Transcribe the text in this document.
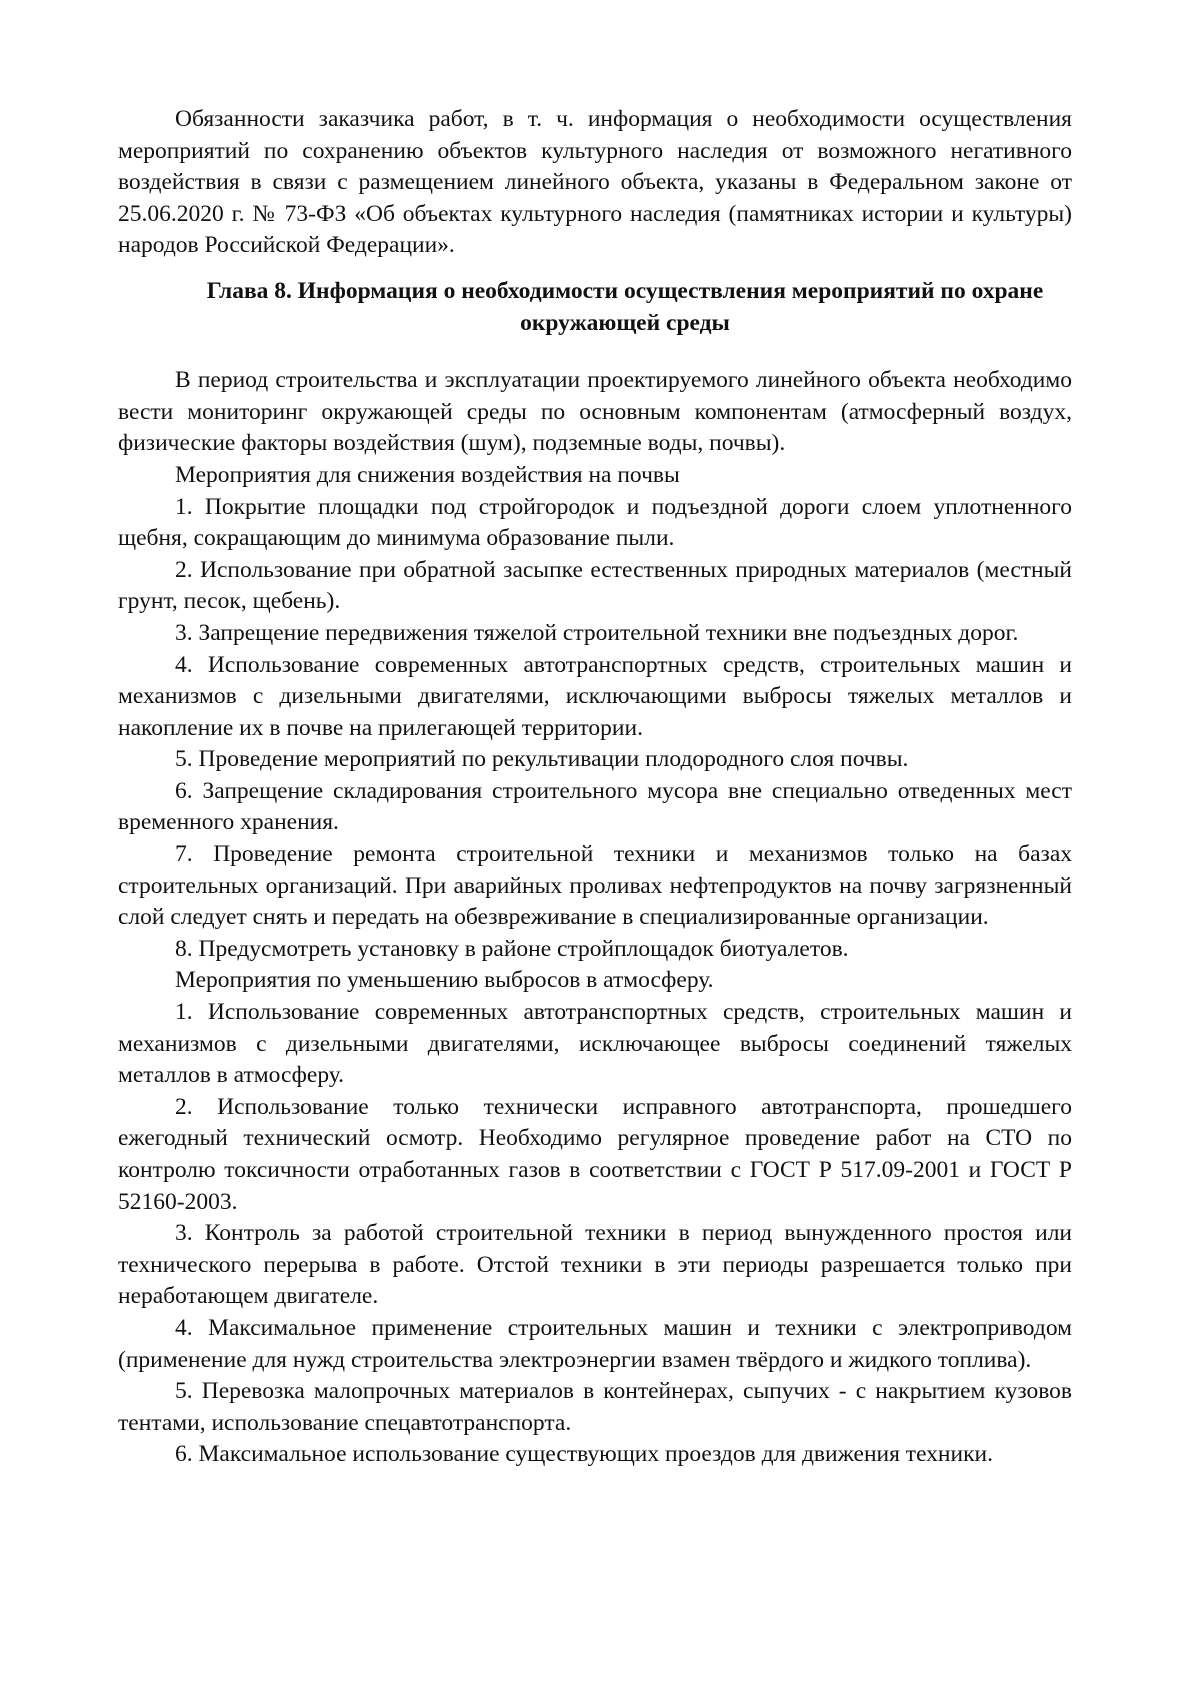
Обязанности заказчика работ, в т. ч. информация о необходимости осуществления мероприятий по сохранению объектов культурного наследия от возможного негативного воздействия в связи с размещением линейного объекта, указаны в Федеральном законе от 25.06.2020 г. № 73-ФЗ «Об объектах культурного наследия (памятниках истории и культуры) народов Российской Федерации».

Глава 8. Информация о необходимости осуществления мероприятий по охране
окружающей среды

В период строительства и эксплуатации проектируемого линейного объекта необходимо вести мониторинг окружающей среды по основным компонентам (атмосферный воздух, физические факторы воздействия (шум), подземные воды, почвы).

Мероприятия для снижения воздействия на почвы

1. Покрытие площадки под стройгородок и подъездной дороги слоем уплотненного щебня, сокращающим до минимума образование пыли.

2. Использование при обратной засыпке естественных природных материалов (местный грунт, песок, щебень).

3. Запрещение передвижения тяжелой строительной техники вне подъездных дорог.

4. Использование современных автотранспортных средств, строительных машин и механизмов с дизельными двигателями, исключающими выбросы тяжелых металлов и накопление их в почве на прилегающей территории.

5. Проведение мероприятий по рекультивации плодородного слоя почвы.

6. Запрещение складирования строительного мусора вне специально отведенных мест временного хранения.

7. Проведение ремонта строительной техники и механизмов только на базах строительных организаций. При аварийных проливах нефтепродуктов на почву загрязненный слой следует снять и передать на обезвреживание в специализированные организации.

8. Предусмотреть установку в районе стройплощадок биотуалетов.

Мероприятия по уменьшению выбросов в атмосферу.

1. Использование современных автотранспортных средств, строительных машин и механизмов с дизельными двигателями, исключающее выбросы соединений тяжелых металлов в атмосферу.

2. Использование только технически исправного автотранспорта, прошедшего ежегодный технический осмотр. Необходимо регулярное проведение работ на СТО по контролю токсичности отработанных газов в соответствии с ГОСТ Р 517.09-2001 и ГОСТ Р 52160-2003.

3. Контроль за работой строительной техники в период вынужденного простоя или технического перерыва в работе. Отстой техники в эти периоды разрешается только при неработающем двигателе.

4. Максимальное применение строительных машин и техники с электроприводом (применение для нужд строительства электроэнергии взамен твёрдого и жидкого топлива).

5. Перевозка малопрочных материалов в контейнерах, сыпучих - с накрытием кузовов тентами, использование спецавтотранспорта.

6. Максимальное использование существующих проездов для движения техники.
